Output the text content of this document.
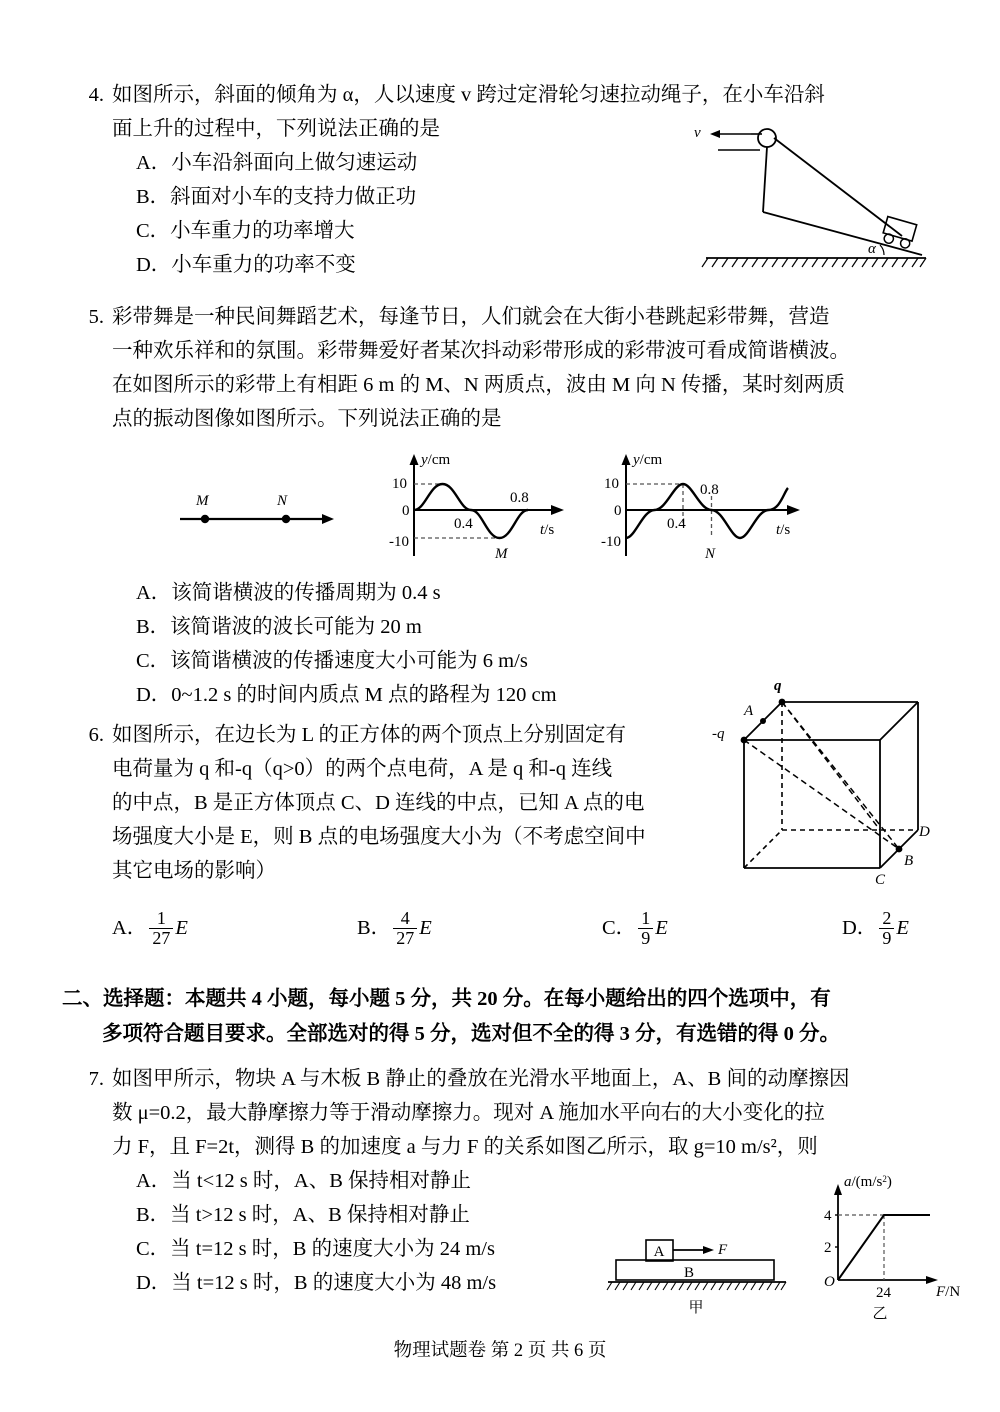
4. 如图所示，斜面的倾角为 α，人以速度 v 跨过定滑轮匀速拉动绳子，在小车沿斜
面上升的过程中，下列说法正确的是
A．小车沿斜面向上做匀速运动
B．斜面对小车的支持力做正功
C．小车重力的功率增大
D．小车重力的功率不变
v
α
5. 彩带舞是一种民间舞蹈艺术，每逢节日，人们就会在大街小巷跳起彩带舞，营造
一种欢乐祥和的氛围。彩带舞爱好者某次抖动彩带形成的彩带波可看成简谐横波。
在如图所示的彩带上有相距 6 m 的 M、N 两质点，波由 M 向 N 传播，某时刻两质
点的振动图像如图所示。下列说法正确的是
M	N
y/cm
t/s
10
0
-10
0.4
0.8
M
y/cm
t/s
10
0
-10
0.4
0.8
N
A．该简谐横波的传播周期为 0.4 s
B．该简谐波的波长可能为 20 m
C．该简谐横波的传播速度大小可能为 6 m/s
D．0~1.2 s 的时间内质点 M 点的路程为 120 cm
6. 如图所示，在边长为 L 的正方体的两个顶点上分别固定有
电荷量为 q 和-q（q>0）的两个点电荷，A 是 q 和-q 连线
的中点，B 是正方体顶点 C、D 连线的中点，已知 A 点的电
场强度大小是 E，则 B 点的电场强度大小为（不考虑空间中
其它电场的影响）
q
-q
A
B
C
D
A． $\frac{1}{27}$ E	B． $\frac{4}{27}$ E	C． $\frac{1}{9}$ E	D． $\frac{2}{9}$ E
二、选择题：本题共 4 小题，每小题 5 分，共 20 分。在每小题给出的四个选项中，有
多项符合题目要求。全部选对的得 5 分，选对但不全的得 3 分，有选错的得 0 分。
7. 如图甲所示，物块 A 与木板 B 静止的叠放在光滑水平地面上，A、B 间的动摩擦因
数 μ=0.2，最大静摩擦力等于滑动摩擦力。现对 A 施加水平向右的大小变化的拉
力 F，且 F=2t，测得 B 的加速度 a 与力 F 的关系如图乙所示，取 g=10 m/s²，则
A．当 t<12 s 时，A、B 保持相对静止
B．当 t>12 s 时，A、B 保持相对静止
C．当 t=12 s 时，B 的速度大小为 24 m/s
D．当 t=12 s 时，B 的速度大小为 48 m/s	B
A	F
甲
$a/(m/s^2)$
F/N
O
2
4
24
乙
物理试题卷 第 2 页 共 6 页
